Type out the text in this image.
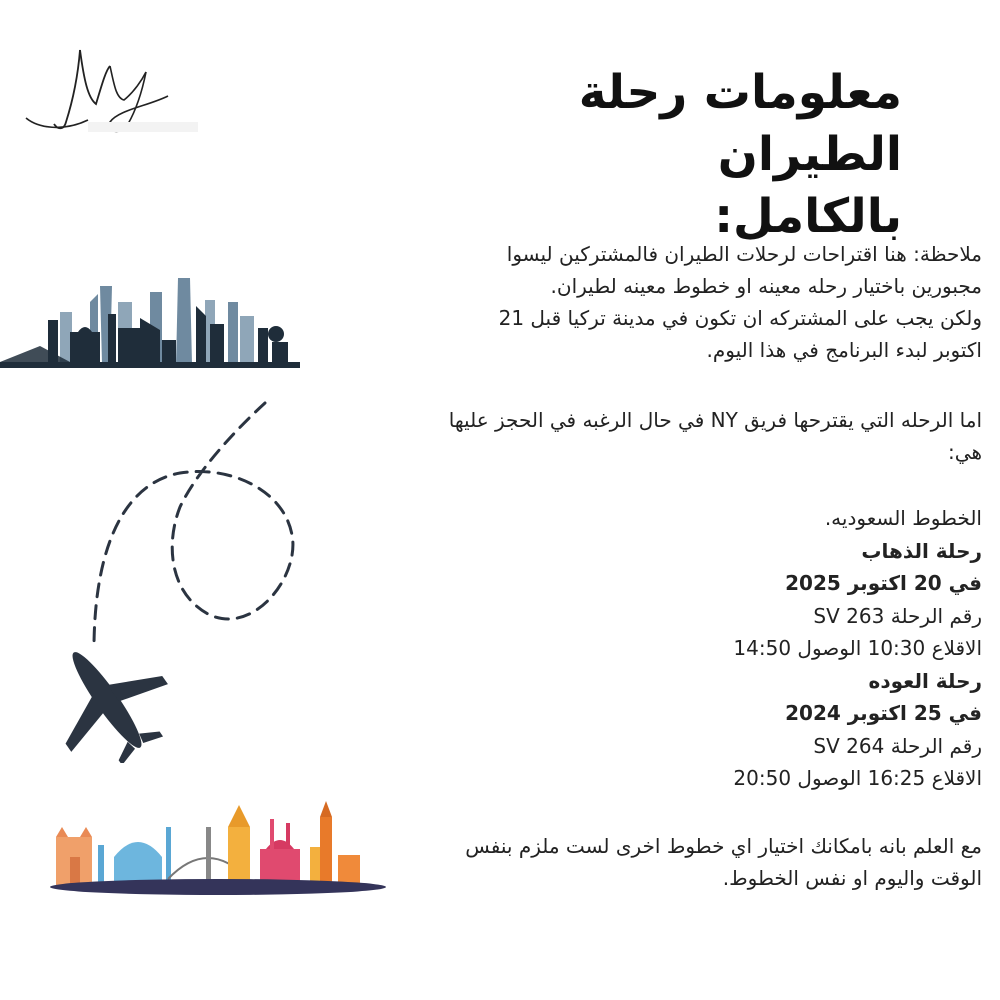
معلومات رحلة الطيران
بالكامل:
ملاحظة: هنا اقتراحات لرحلات الطيران فالمشتركين ليسوا
مجبورين باختيار رحله معينه او خطوط معينه لطيران.
ولكن يجب على المشتركه ان تكون في مدينة تركيا قبل 21
اكتوبر لبدء البرنامج في هذا اليوم.
اما الرحله التي يقترحها فريق NY في حال الرغبه في الحجز عليها
هي:
الخطوط السعوديه.
رحلة الذهاب
في 20 اكتوبر 2025
رقم الرحلة 263 SV
الاقلاع 10:30 الوصول 14:50
رحلة العوده
في 25 اكتوبر 2024
رقم الرحلة 264 SV
الاقلاع 16:25 الوصول 20:50
مع العلم بانه بامكانك اختيار اي خطوط اخرى لست ملزم بنفس
الوقت واليوم او نفس الخطوط.
